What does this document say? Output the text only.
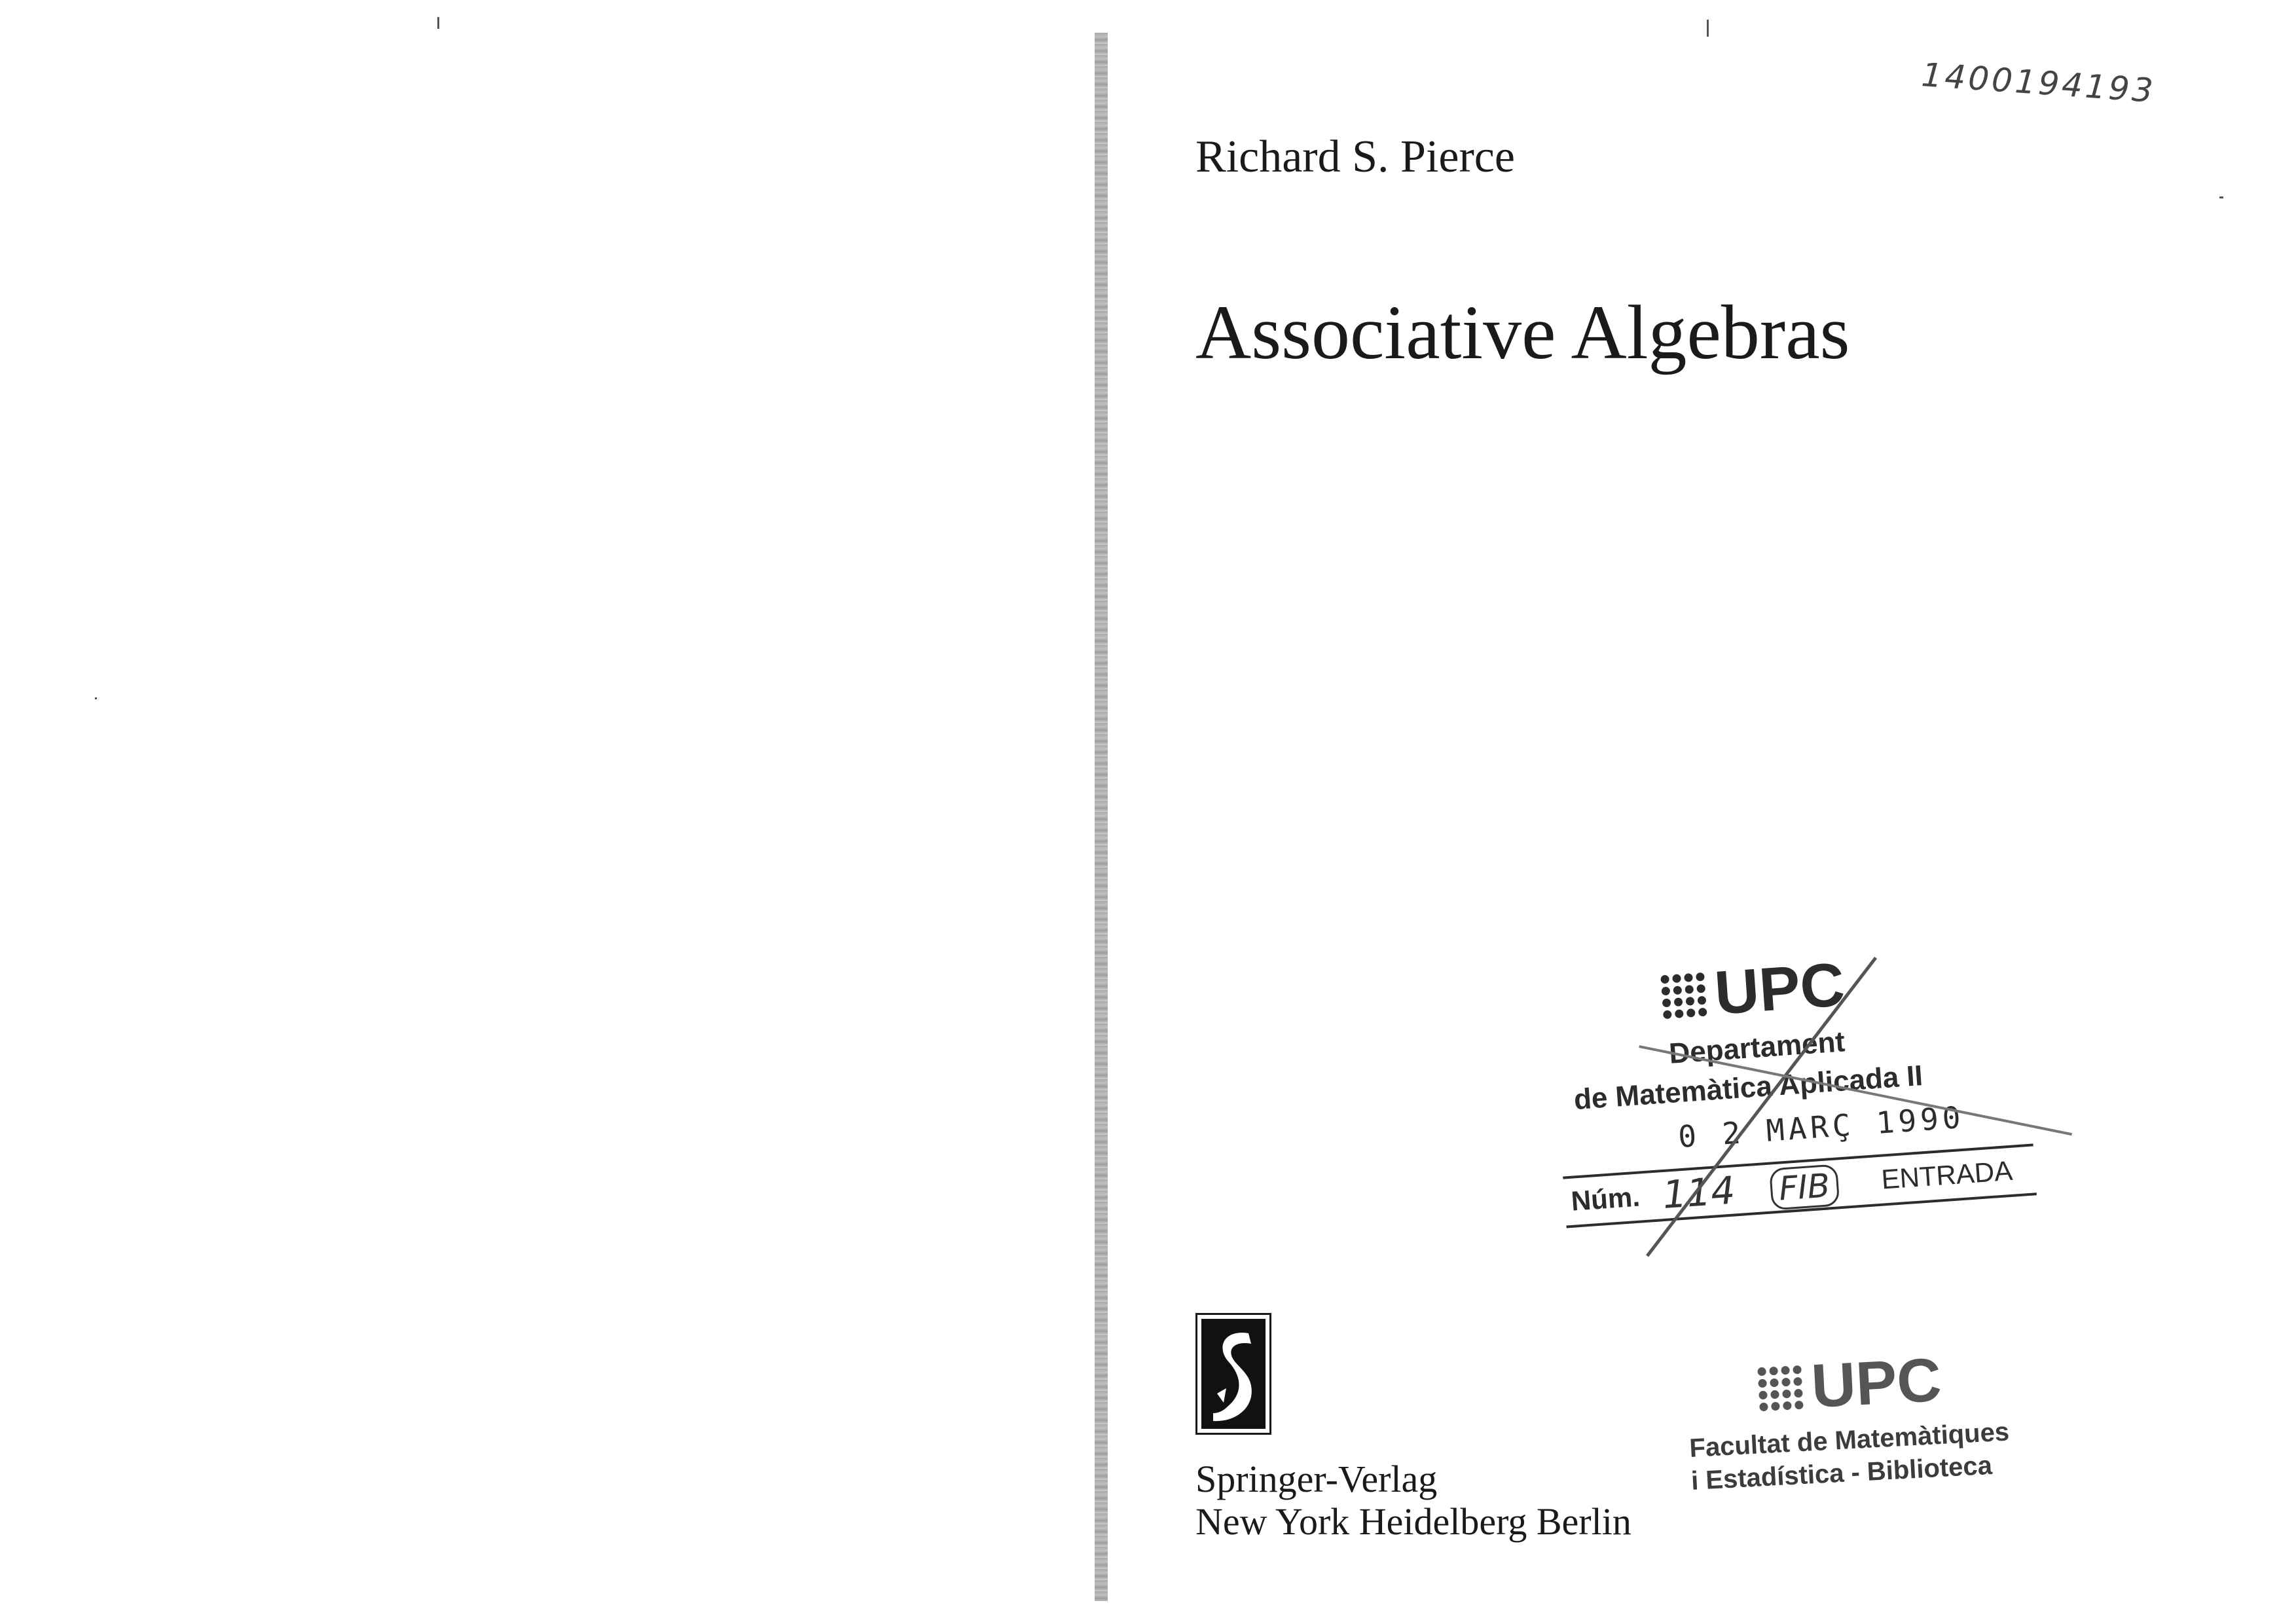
1400194193
Richard S. Pierce
Associative Algebras
UPC
Departament
de Matemàtica Aplicada II
0 2 MARÇ 1990
Núm. 114 FIB	ENTRADA
Springer-Verlag
New York Heidelberg Berlin
UPC
Facultat de Matemàtiques
i Estadística - Biblioteca
